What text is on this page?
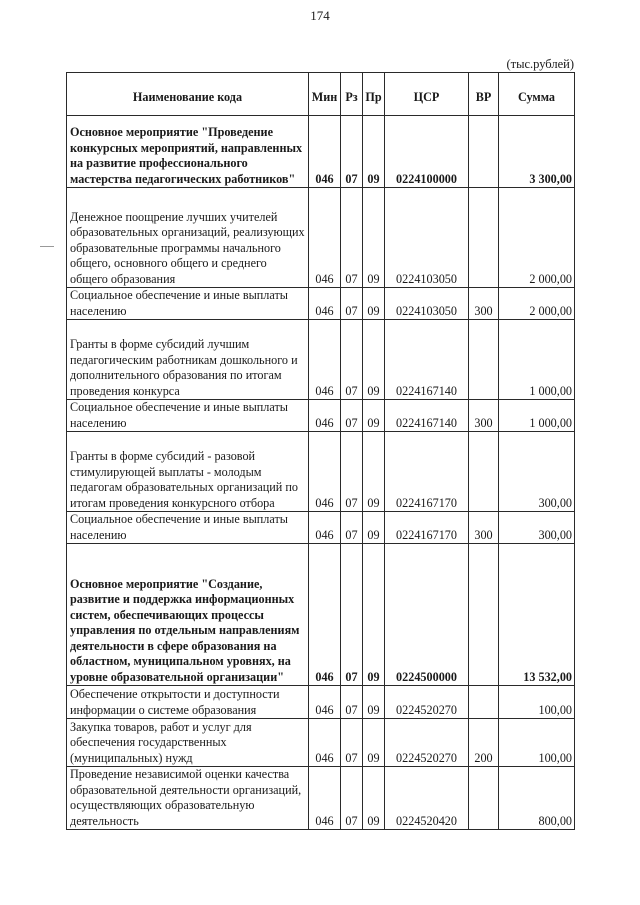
174
(тыс.рублей)
Наименование кода	Мин	Рз	Пр	ЦСР	ВР	Сумма
Основное мероприятие "Проведение конкурсных мероприятий, направленных на развитие профессионального мастерства педагогических работников"	046	07	09	0224100000		3 300,00
Денежное поощрение лучших учителей образовательных организаций, реализующих образовательные программы начального общего, основного общего и среднего общего образования	046	07	09	0224103050		2 000,00
Социальное обеспечение и иные выплаты населению	046	07	09	0224103050	300	2 000,00
Гранты в форме субсидий лучшим педагогическим работникам дошкольного и дополнительного образования по итогам проведения конкурса	046	07	09	0224167140		1 000,00
Социальное обеспечение и иные выплаты населению	046	07	09	0224167140	300	1 000,00
Гранты в форме субсидий - разовой стимулирующей выплаты - молодым педагогам образовательных организаций по итогам проведения конкурсного отбора	046	07	09	0224167170		300,00
Социальное обеспечение и иные выплаты населению	046	07	09	0224167170	300	300,00
Основное мероприятие "Создание, развитие и поддержка информационных систем, обеспечивающих процессы управления по отдельным направлениям деятельности в сфере образования на областном, муниципальном уровнях, на уровне образовательной организации"	046	07	09	0224500000		13 532,00
Обеспечение открытости и доступности информации о системе образования	046	07	09	0224520270		100,00
Закупка товаров, работ и услуг для обеспечения государственных (муниципальных) нужд	046	07	09	0224520270	200	100,00
Проведение независимой оценки качества образовательной деятельности организаций, осуществляющих образовательную деятельность	046	07	09	0224520420		800,00
